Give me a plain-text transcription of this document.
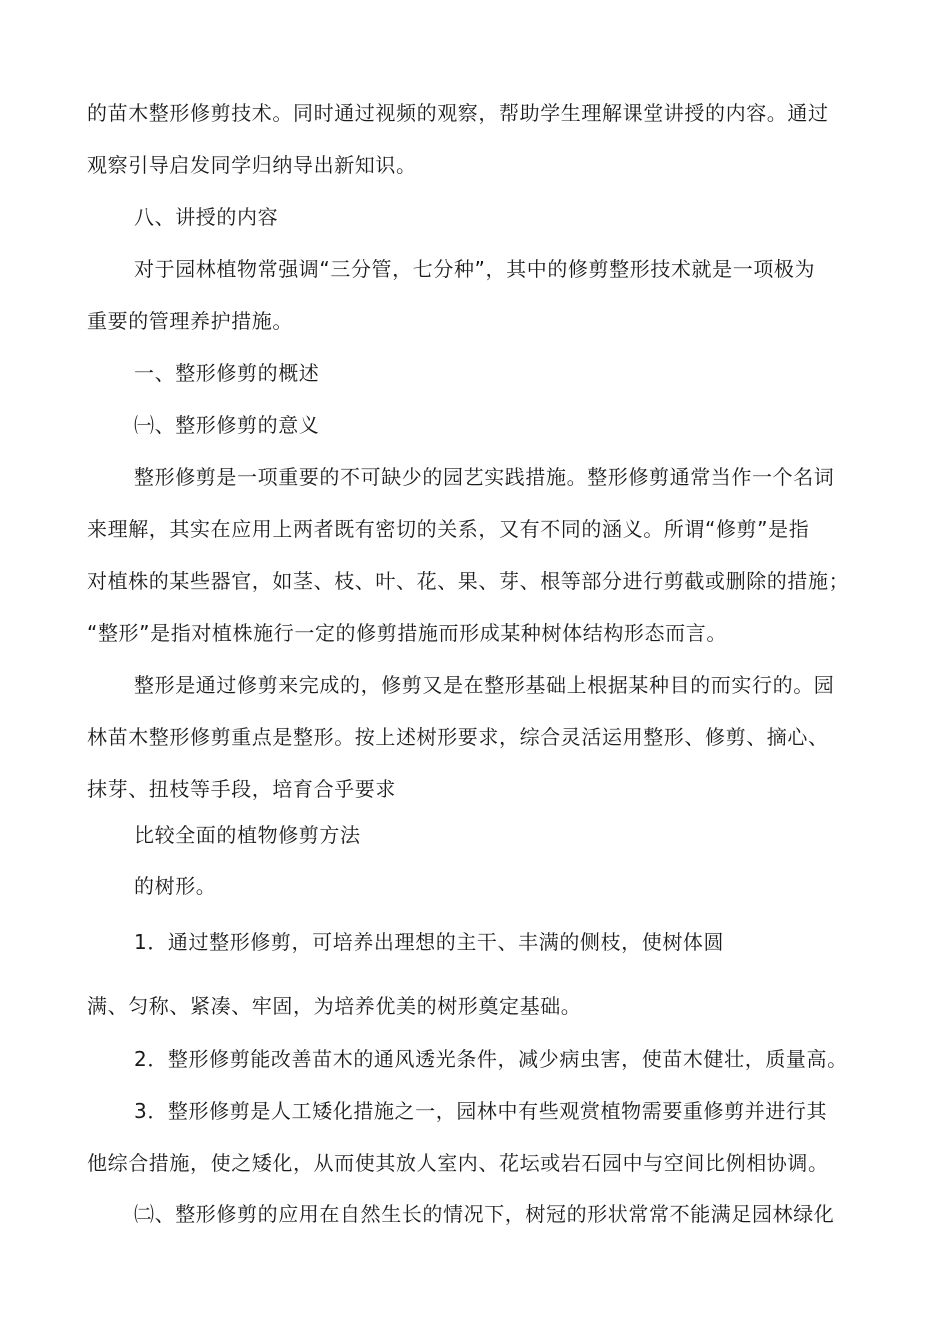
的苗木整形修剪技术。同时通过视频的观察，帮助学生理解课堂讲授的内容。通过
观察引导启发同学归纳导出新知识。
八、讲授的内容
对于园林植物常强调“三分管，七分种”，其中的修剪整形技术就是一项极为
重要的管理养护措施。
一、整形修剪的概述
㈠、整形修剪的意义
整形修剪是一项重要的不可缺少的园艺实践措施。整形修剪通常当作一个名词
来理解，其实在应用上两者既有密切的关系，又有不同的涵义。所谓“修剪”是指
对植株的某些器官，如茎、枝、叶、花、果、芽、根等部分进行剪截或删除的措施；
“整形”是指对植株施行一定的修剪措施而形成某种树体结构形态而言。
整形是通过修剪来完成的，修剪又是在整形基础上根据某种目的而实行的。园
林苗木整形修剪重点是整形。按上述树形要求，综合灵活运用整形、修剪、摘心、
抹芽、扭枝等手段，培育合乎要求
比较全面的植物修剪方法
的树形。
1．通过整形修剪，可培养出理想的主干、丰满的侧枝，使树体圆
满、匀称、紧凑、牢固，为培养优美的树形奠定基础。
2．整形修剪能改善苗木的通风透光条件，减少病虫害，使苗木健壮，质量高。
3．整形修剪是人工矮化措施之一，园林中有些观赏植物需要重修剪并进行其
他综合措施，使之矮化，从而使其放人室内、花坛或岩石园中与空间比例相协调。
㈡、整形修剪的应用在自然生长的情况下，树冠的形状常常不能满足园林绿化
